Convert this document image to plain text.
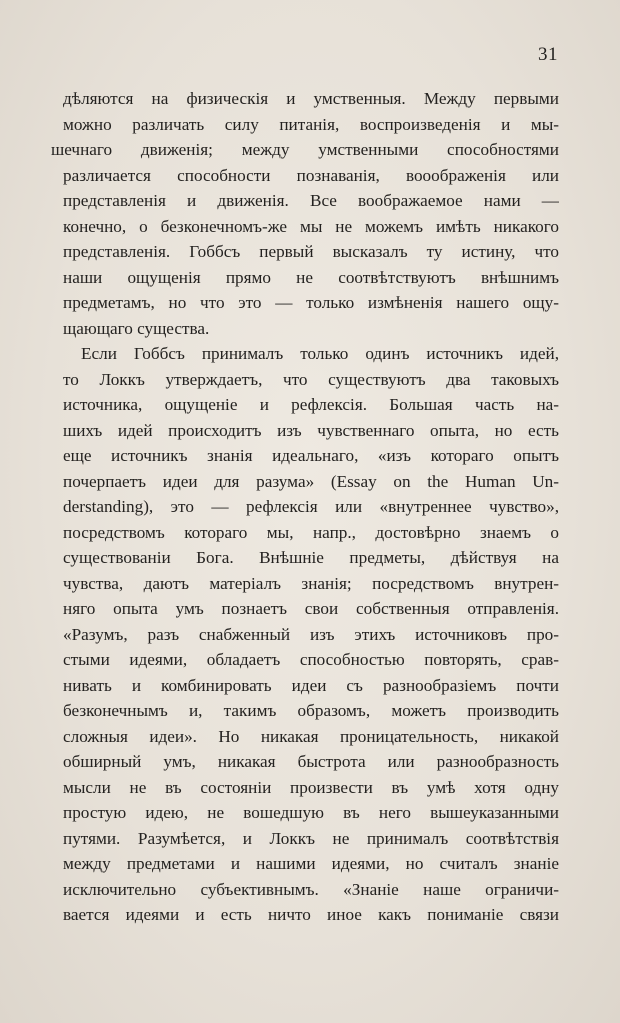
31
дѣляются на физическія и умственныя. Между первыми
можно различать силу питанія, воспроизведенія и мы-
шечнаго движенія; между умственными способностями
различается способности познаванія, вооображенія или
представленія и движенія. Все воображаемое нами —
конечно, о безконечномъ-же мы не можемъ имѣть никакого
представленія. Гоббсъ первый высказалъ ту истину, что
наши ощущенія прямо не соотвѣтствуютъ внѣшнимъ
предметамъ, но что это — только измѣненія нашего ощу-
щающаго существа.
Если Гоббсъ принималъ только одинъ источникъ идей,
то Локкъ утверждаетъ, что существуютъ два таковыхъ
источника, ощущеніе и рефлексія. Большая часть на-
шихъ идей происходитъ изъ чувственнаго опыта, но есть
еще источникъ знанія идеальнаго, «изъ котораго опытъ
почерпаетъ идеи для разума» (Essay on the Human Un-
derstanding), это — рефлексія или «внутреннее чувство»,
посредствомъ котораго мы, напр., достовѣрно знаемъ о
существованіи Бога. Внѣшніе предметы, дѣйствуя на
чувства, даютъ матеріалъ знанія; посредствомъ внутрен-
няго опыта умъ познаетъ свои собственныя отправленія.
«Разумъ, разъ снабженный изъ этихъ источниковъ про-
стыми идеями, обладаетъ способностью повторять, срав-
нивать и комбинировать идеи съ разнообразіемъ почти
безконечнымъ и, такимъ образомъ, можетъ производить
сложныя идеи». Но никакая проницательность, никакой
обширный умъ, никакая быстрота или разнообразность
мысли не въ состояніи произвести въ умѣ хотя одну
простую идею, не вошедшую въ него вышеуказанными
путями. Разумѣется, и Локкъ не принималъ соотвѣтствія
между предметами и нашими идеями, но считалъ знаніе
исключительно субъективнымъ. «Знаніе наше ограничи-
вается идеями и есть ничто иное какъ пониманіе связи
